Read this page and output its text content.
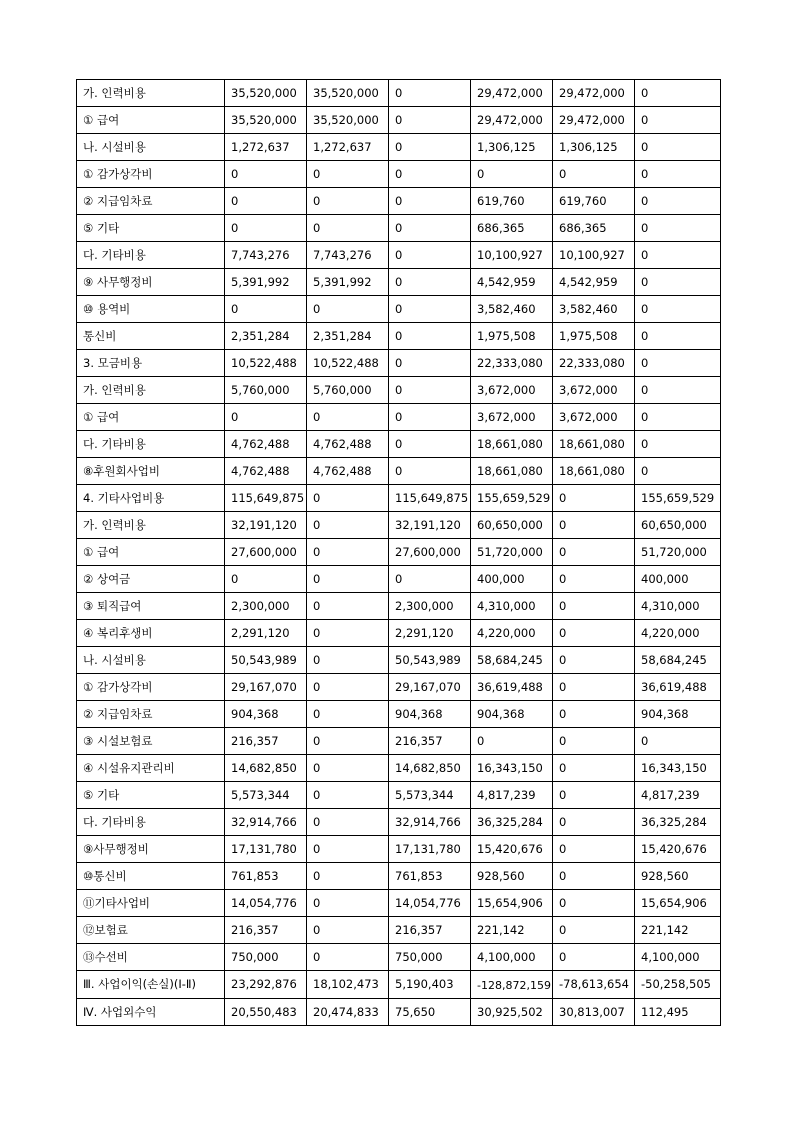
가. 인력비용	35,520,000	35,520,000	0	29,472,000	29,472,000	0
① 급여	35,520,000	35,520,000	0	29,472,000	29,472,000	0
나. 시설비용	1,272,637	1,272,637	0	1,306,125	1,306,125	0
① 감가상각비	0	0	0	0	0	0
② 지급임차료	0	0	0	619,760	619,760	0
⑤ 기타	0	0	0	686,365	686,365	0
다. 기타비용	7,743,276	7,743,276	0	10,100,927	10,100,927	0
⑨ 사무행정비	5,391,992	5,391,992	0	4,542,959	4,542,959	0
⑩ 용역비	0	0	0	3,582,460	3,582,460	0
통신비	2,351,284	2,351,284	0	1,975,508	1,975,508	0
3. 모금비용	10,522,488	10,522,488	0	22,333,080	22,333,080	0
가. 인력비용	5,760,000	5,760,000	0	3,672,000	3,672,000	0
① 급여	0	0	0	3,672,000	3,672,000	0
다. 기타비용	4,762,488	4,762,488	0	18,661,080	18,661,080	0
⑧후원회사업비	4,762,488	4,762,488	0	18,661,080	18,661,080	0
4. 기타사업비용	115,649,875	0	115,649,875	155,659,529	0	155,659,529
가. 인력비용	32,191,120	0	32,191,120	60,650,000	0	60,650,000
① 급여	27,600,000	0	27,600,000	51,720,000	0	51,720,000
② 상여금	0	0	0	400,000	0	400,000
③ 퇴직급여	2,300,000	0	2,300,000	4,310,000	0	4,310,000
④ 복리후생비	2,291,120	0	2,291,120	4,220,000	0	4,220,000
나. 시설비용	50,543,989	0	50,543,989	58,684,245	0	58,684,245
① 감가상각비	29,167,070	0	29,167,070	36,619,488	0	36,619,488
② 지급임차료	904,368	0	904,368	904,368	0	904,368
③ 시설보험료	216,357	0	216,357	0	0	0
④ 시설유지관리비	14,682,850	0	14,682,850	16,343,150	0	16,343,150
⑤ 기타	5,573,344	0	5,573,344	4,817,239	0	4,817,239
다. 기타비용	32,914,766	0	32,914,766	36,325,284	0	36,325,284
⑨사무행정비	17,131,780	0	17,131,780	15,420,676	0	15,420,676
⑩통신비	761,853	0	761,853	928,560	0	928,560
⑪기타사업비	14,054,776	0	14,054,776	15,654,906	0	15,654,906
⑫보험료	216,357	0	216,357	221,142	0	221,142
⑬수선비	750,000	0	750,000	4,100,000	0	4,100,000
Ⅲ. 사업이익(손실)(Ⅰ-Ⅱ)	23,292,876	18,102,473	5,190,403	-128,872,159	-78,613,654	-50,258,505
Ⅳ. 사업외수익	20,550,483	20,474,833	75,650	30,925,502	30,813,007	112,495
